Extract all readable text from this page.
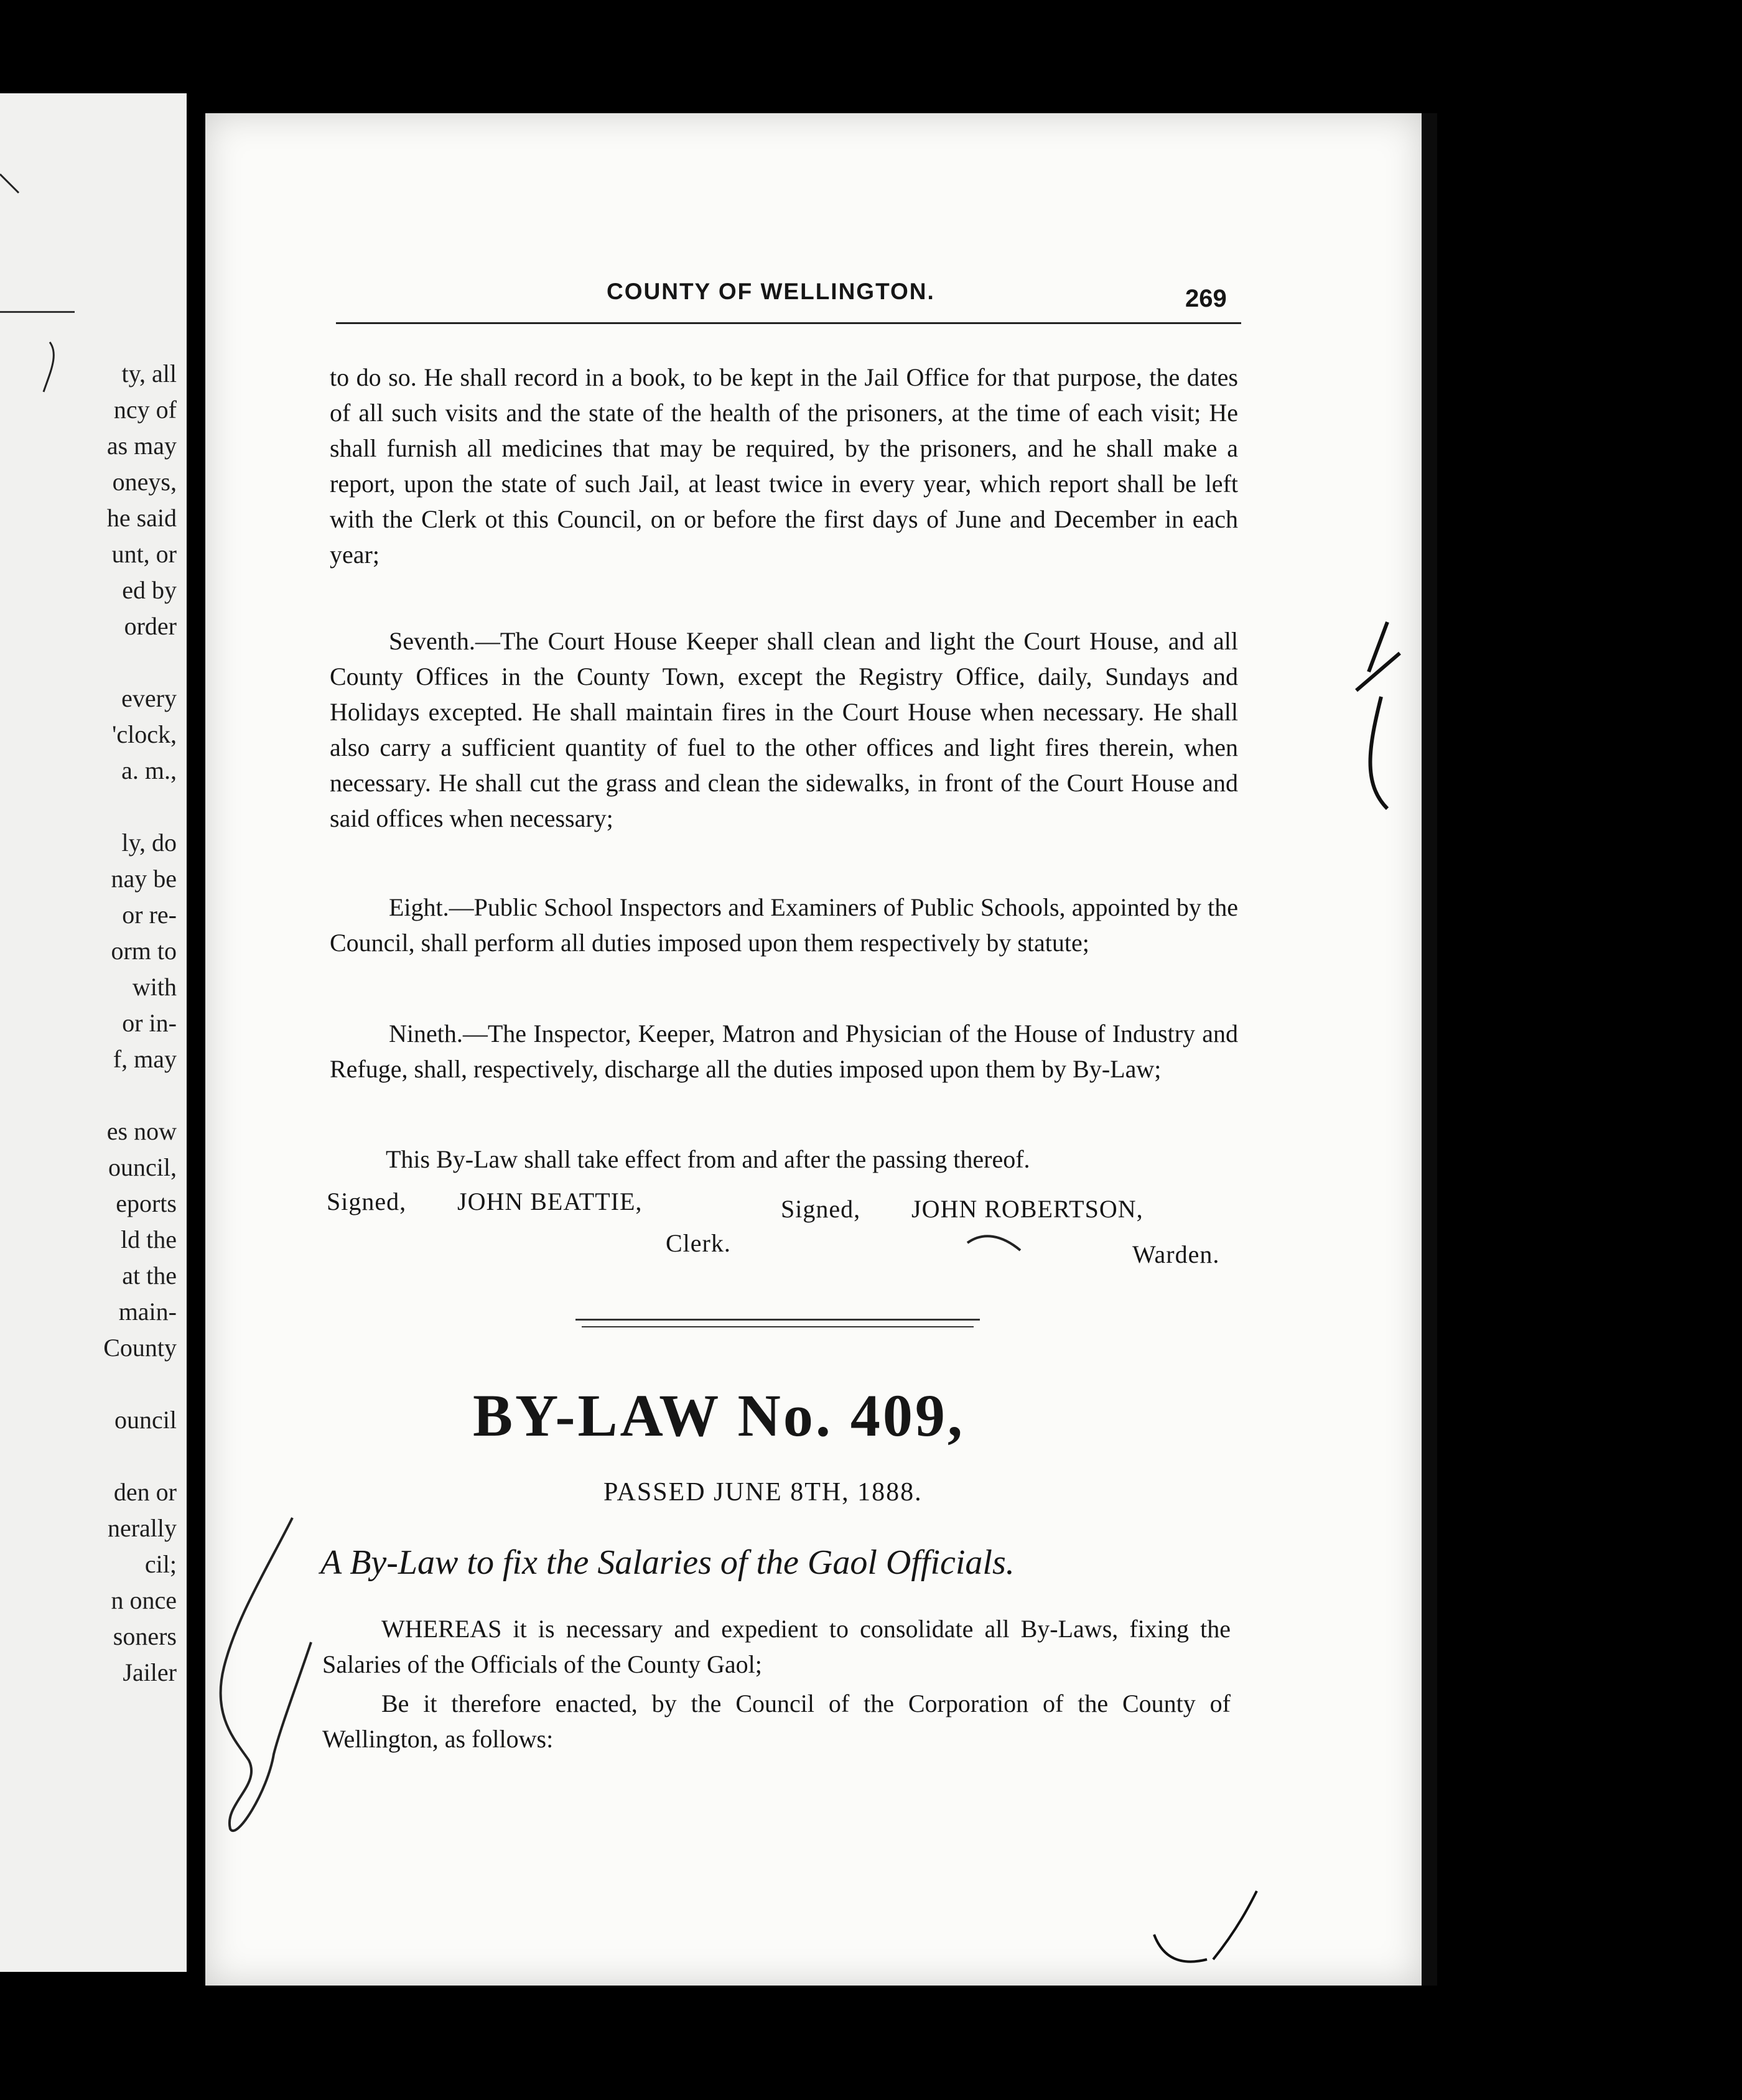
ty, all
ncy of
as may
oneys,
he said
unt, or
ed by
order
every
'clock,
a. m.,
ly, do
nay be
or re-
orm to
with
or in-
f, may
es now
ouncil,
eports
ld the
at the
main-
County
ouncil
den or
nerally
cil;
n once
soners
Jailer
COUNTY OF WELLINGTON.	269

to do so. He shall record in a book, to be kept in the Jail Office for that purpose, the dates of all such visits and the state of the health of the prisoners, at the time of each visit; He shall furnish all medicines that may be required, by the prisoners, and he shall make a report, upon the state of such Jail, at least twice in every year, which report shall be left with the Clerk ot this Council, on or before the first days of June and December in each year;

Seventh.—The Court House Keeper shall clean and light the Court House, and all County Offices in the County Town, except the Registry Office, daily, Sundays and Holidays excepted. He shall maintain fires in the Court House when necessary. He shall also carry a sufficient quantity of fuel to the other offices and light fires therein, when necessary. He shall cut the grass and clean the sidewalks, in front of the Court House and said offices when necessary;

Eight.—Public School Inspectors and Examiners of Public Schools, appointed by the Council, shall perform all duties imposed upon them respectively by statute;

Nineth.—The Inspector, Keeper, Matron and Physician of the House of Industry and Refuge, shall, respectively, discharge all the duties imposed upon them by By-Law;

This By-Law shall take effect from and after the passing thereof.
Signed, JOHN BEATTIE,
Clerk.
Signed, JOHN ROBERTSON,
Warden.
BY-LAW No. 409,
PASSED JUNE 8TH, 1888.
A By-Law to fix the Salaries of the Gaol Officials.

WHEREAS it is necessary and expedient to consolidate all By-Laws, fixing the Salaries of the Officials of the County Gaol;

Be it therefore enacted, by the Council of the Corporation of the County of Wellington, as follows:
